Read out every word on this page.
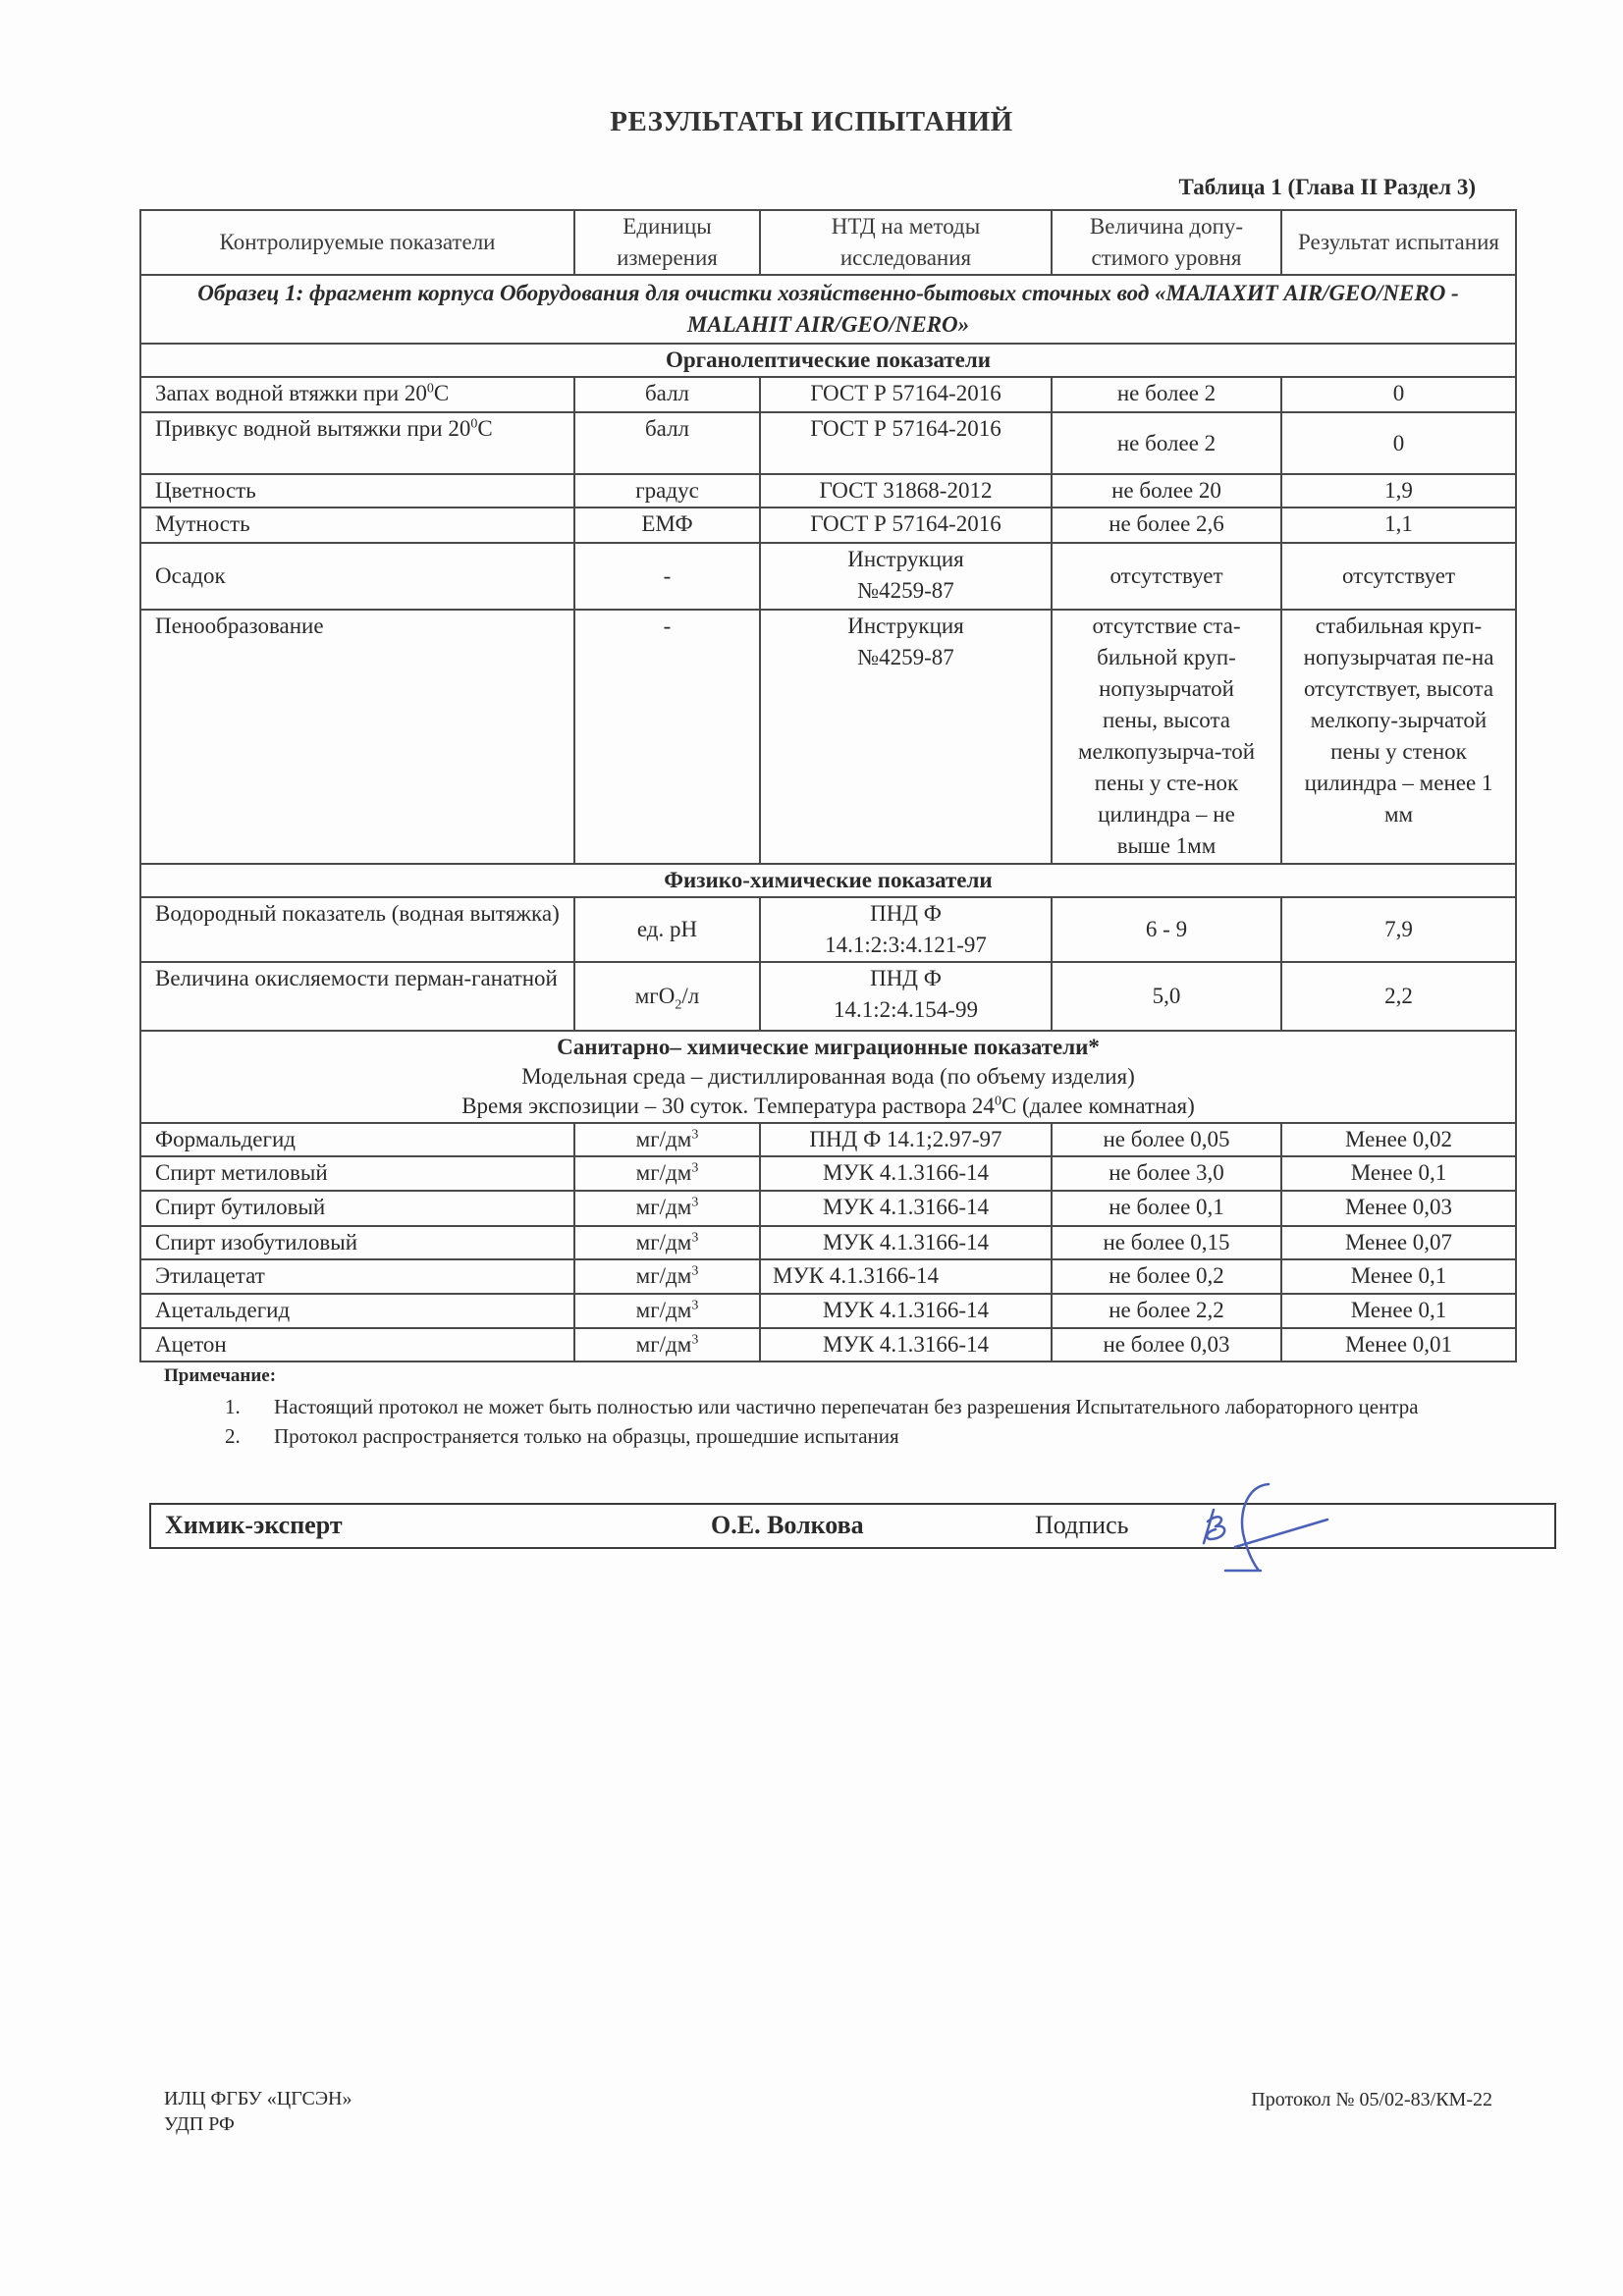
РЕЗУЛЬТАТЫ ИСПЫТАНИЙ
Таблица 1 (Глава II Раздел 3)
Контролируемые показатели	Единицы измерения	НТД на методы исследования	Величина допу-стимого уровня	Результат испытания
Образец 1: фрагмент корпуса Оборудования для очистки хозяйственно-бытовых сточных вод «МАЛАХИТ AIR/GEO/NERO - MALAHIT AIR/GEO/NERO»				
Органолептические показатели				
Запах водной втяжки при $20^0С$	балл	ГОСТ Р 57164-2016	не более 2	0
Привкус водной вытяжки при $20^0С$	балл	ГОСТ Р 57164-2016	не более 2	0
Цветность	градус	ГОСТ 31868-2012	не более 20	1,9
Мутность	ЕМФ	ГОСТ Р 57164-2016	не более 2,6	1,1
Осадок	-	Инструкция №4259-87	отсутствует	отсутствует
Пенообразование	-	Инструкция №4259-87	отсутствие ста-бильной круп-нопузырчатой пены, высота мелкопузырча-той пены у сте-нок цилиндра – не выше 1мм	стабильная круп-нопузырчатая пе-на отсутствует, высота мелкопу-зырчатой пены у стенок цилиндра – менее 1 мм
Физико-химические показатели				
Водородный показатель (водная вытяжка)	ед. рН	ПНД Ф 14.1:2:3:4.121-97	6 - 9	7,9
Величина окисляемости перман-ганатной	мгО$_2$/л	ПНД Ф 14.1:2:4.154-99	5,0	2,2

Санитарно– химические миграционные показатели*
Модельная среда – дистиллированная вода (по объему изделия)
Время экспозиции – 30 суток. Температура раствора $24^0С$ (далее комнатная)				

Формальдегид	$мг/дм^3$	ПНД Ф 14.1;2.97-97	не более 0,05	Менее 0,02
Спирт метиловый	$мг/дм^3$	МУК 4.1.3166-14	не более 3,0	Менее 0,1
Спирт бутиловый	$мг/дм^3$	МУК 4.1.3166-14	не более 0,1	Менее 0,03
Спирт изобутиловый	$мг/дм^3$	МУК 4.1.3166-14	не более 0,15	Менее 0,07
Этилацетат	$мг/дм^3$	МУК 4.1.3166-14	не более 0,2	Менее 0,1
Ацетальдегид	$мг/дм^3$	МУК 4.1.3166-14	не более 2,2	Менее 0,1
Ацетон	$мг/дм^3$	МУК 4.1.3166-14	не более 0,03	Менее 0,01
Примечание:
1. Настоящий протокол не может быть полностью или частично перепечатан без разрешения Испытательного лабораторного центра
2. Протокол распространяется только на образцы, прошедшие испытания
Химик-эксперт	О.Е. Волкова	Подпись
ИЛЦ ФГБУ «ЦГСЭН»
УДП РФ
Протокол № 05/02-83/КМ-22
